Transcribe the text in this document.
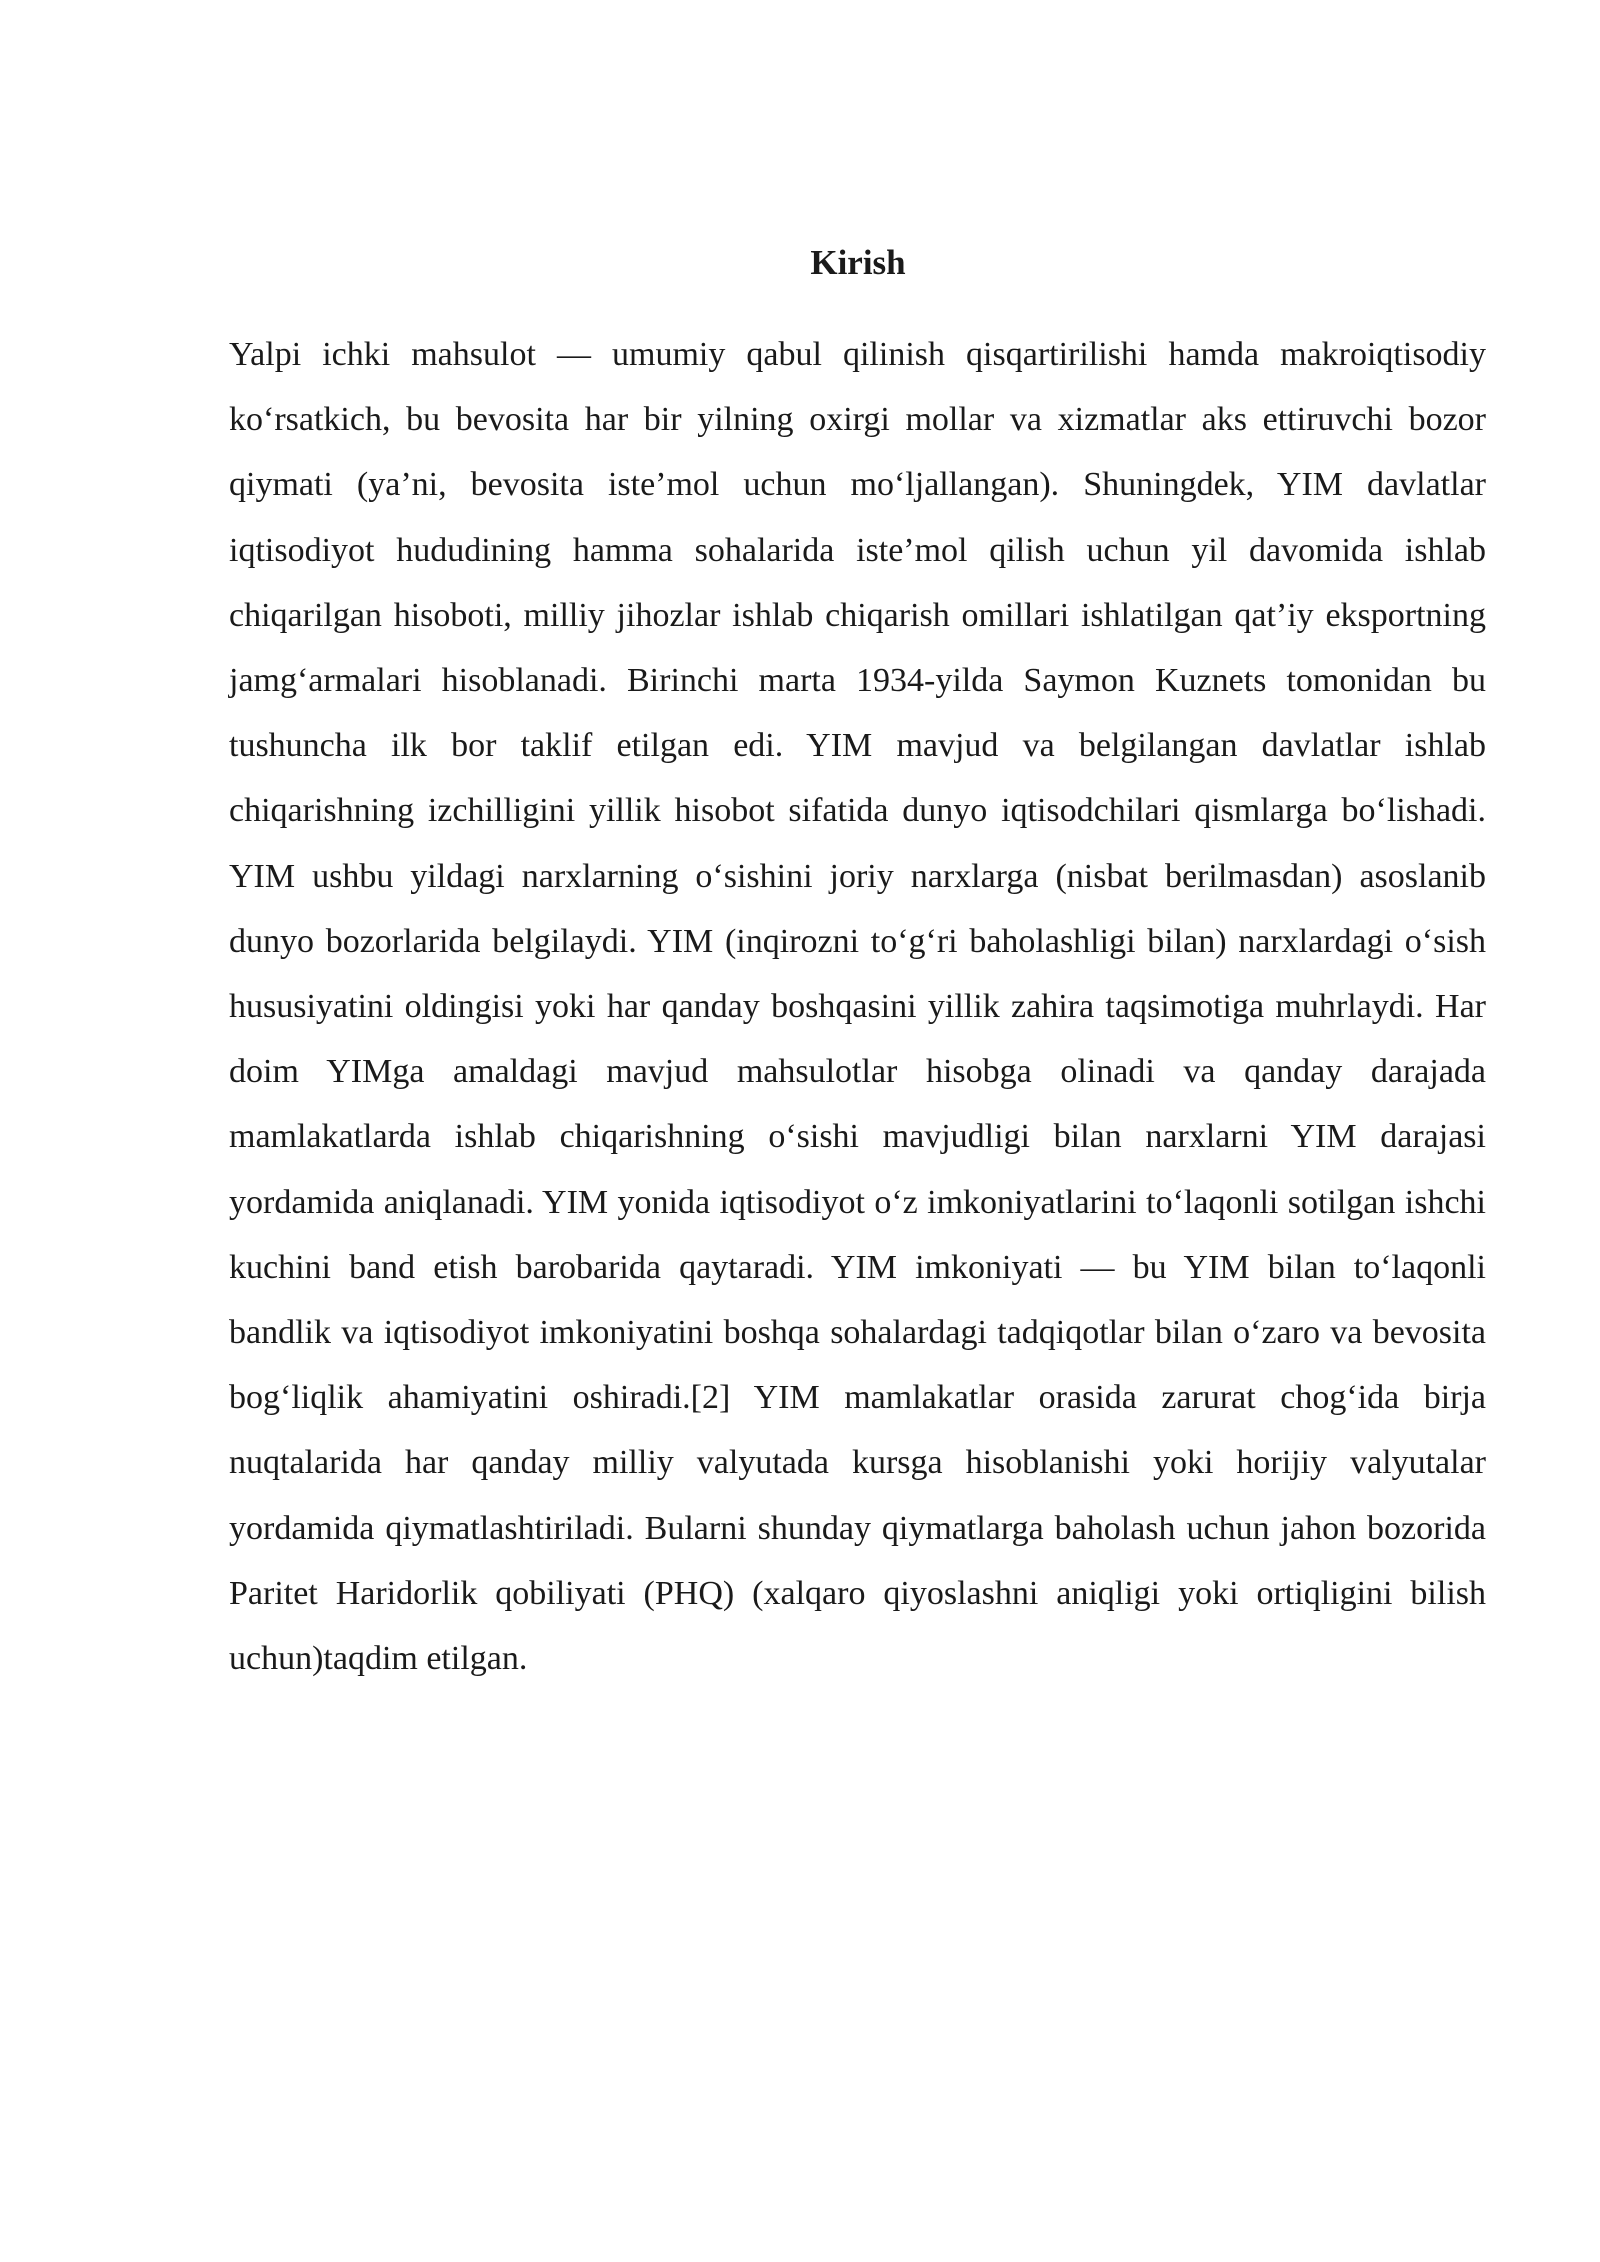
Kirish

Yalpi ichki mahsulot — umumiy qabul qilinish qisqartirilishi hamda makroiqtisodiy ko‘rsatkich, bu bevosita har bir yilning oxirgi mollar va xizmatlar aks ettiruvchi bozor qiymati (ya’ni, bevosita iste’mol uchun mo‘ljallangan). Shuningdek, YIM davlatlar iqtisodiyot hududining hamma sohalarida iste’mol qilish uchun yil davomida ishlab chiqarilgan hisoboti, milliy jihozlar ishlab chiqarish omillari ishlatilgan qat’iy eksportning jamg‘armalari hisoblanadi. Birinchi marta 1934-yilda Saymon Kuznets tomonidan bu tushuncha ilk bor taklif etilgan edi. YIM mavjud va belgilangan davlatlar ishlab chiqarishning izchilligini yillik hisobot sifatida dunyo iqtisodchilari qismlarga bo‘lishadi. YIM ushbu yildagi narxlarning o‘sishini joriy narxlarga (nisbat berilmasdan) asoslanib dunyo bozorlarida belgilaydi. YIM (inqirozni to‘g‘ri baholashligi bilan) narxlardagi o‘sish hususiyatini oldingisi yoki har qanday boshqasini yillik zahira taqsimotiga muhrlaydi. Har doim YIMga amaldagi mavjud mahsulotlar hisobga olinadi va qanday darajada mamlakatlarda ishlab chiqarishning o‘sishi mavjudligi bilan narxlarni YIM darajasi yordamida aniqlanadi. YIM yonida iqtisodiyot o‘z imkoniyatlarini to‘laqonli sotilgan ishchi kuchini band etish barobarida qaytaradi. YIM imkoniyati — bu YIM bilan to‘laqonli bandlik va iqtisodiyot imkoniyatini boshqa sohalardagi tadqiqotlar bilan o‘zaro va bevosita bog‘liqlik ahamiyatini oshiradi.[2] YIM mamlakatlar orasida zarurat chog‘ida birja nuqtalarida har qanday milliy valyutada kursga hisoblanishi yoki horijiy valyutalar yordamida qiymatlashtiriladi. Bularni shunday qiymatlarga baholash uchun jahon bozorida Paritet Haridorlik qobiliyati (PHQ) (xalqaro qiyoslashni aniqligi yoki ortiqligini bilish uchun)taqdim etilgan.
